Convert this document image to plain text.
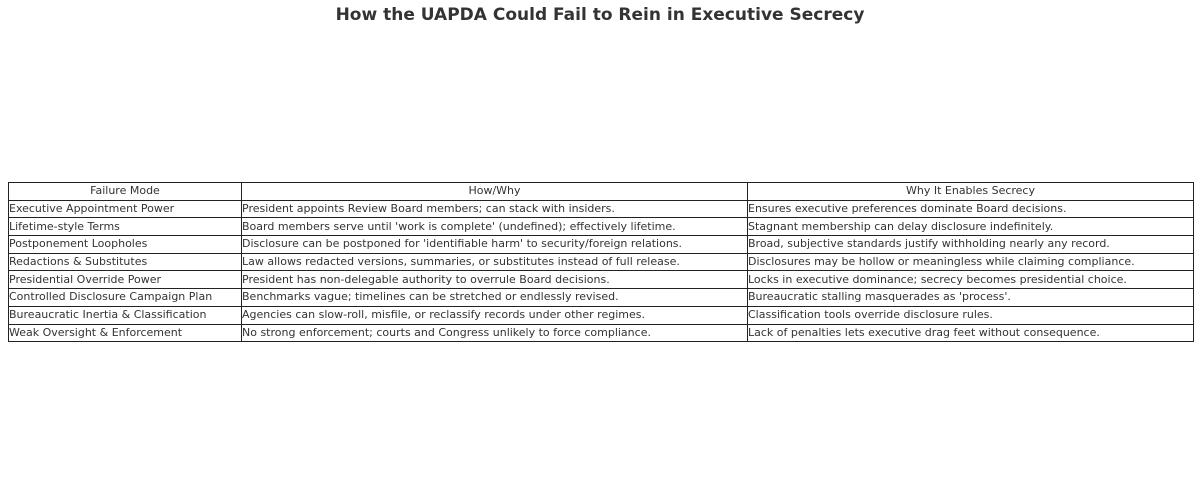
How the UAPDA Could Fail to Rein in Executive Secrecy
Failure Mode	How/Why	Why It Enables Secrecy
Executive Appointment Power	President appoints Review Board members; can stack with insiders.	Ensures executive preferences dominate Board decisions.
Lifetime-style Terms	Board members serve until 'work is complete' (undefined); effectively lifetime.	Stagnant membership can delay disclosure indefinitely.
Postponement Loopholes	Disclosure can be postponed for 'identifiable harm' to security/foreign relations.	Broad, subjective standards justify withholding nearly any record.
Redactions & Substitutes	Law allows redacted versions, summaries, or substitutes instead of full release.	Disclosures may be hollow or meaningless while claiming compliance.
Presidential Override Power	President has non-delegable authority to overrule Board decisions.	Locks in executive dominance; secrecy becomes presidential choice.
Controlled Disclosure Campaign Plan	Benchmarks vague; timelines can be stretched or endlessly revised.	Bureaucratic stalling masquerades as 'process'.
Bureaucratic Inertia & Classification	Agencies can slow-roll, misfile, or reclassify records under other regimes.	Classification tools override disclosure rules.
Weak Oversight & Enforcement	No strong enforcement; courts and Congress unlikely to force compliance.	Lack of penalties lets executive drag feet without consequence.
